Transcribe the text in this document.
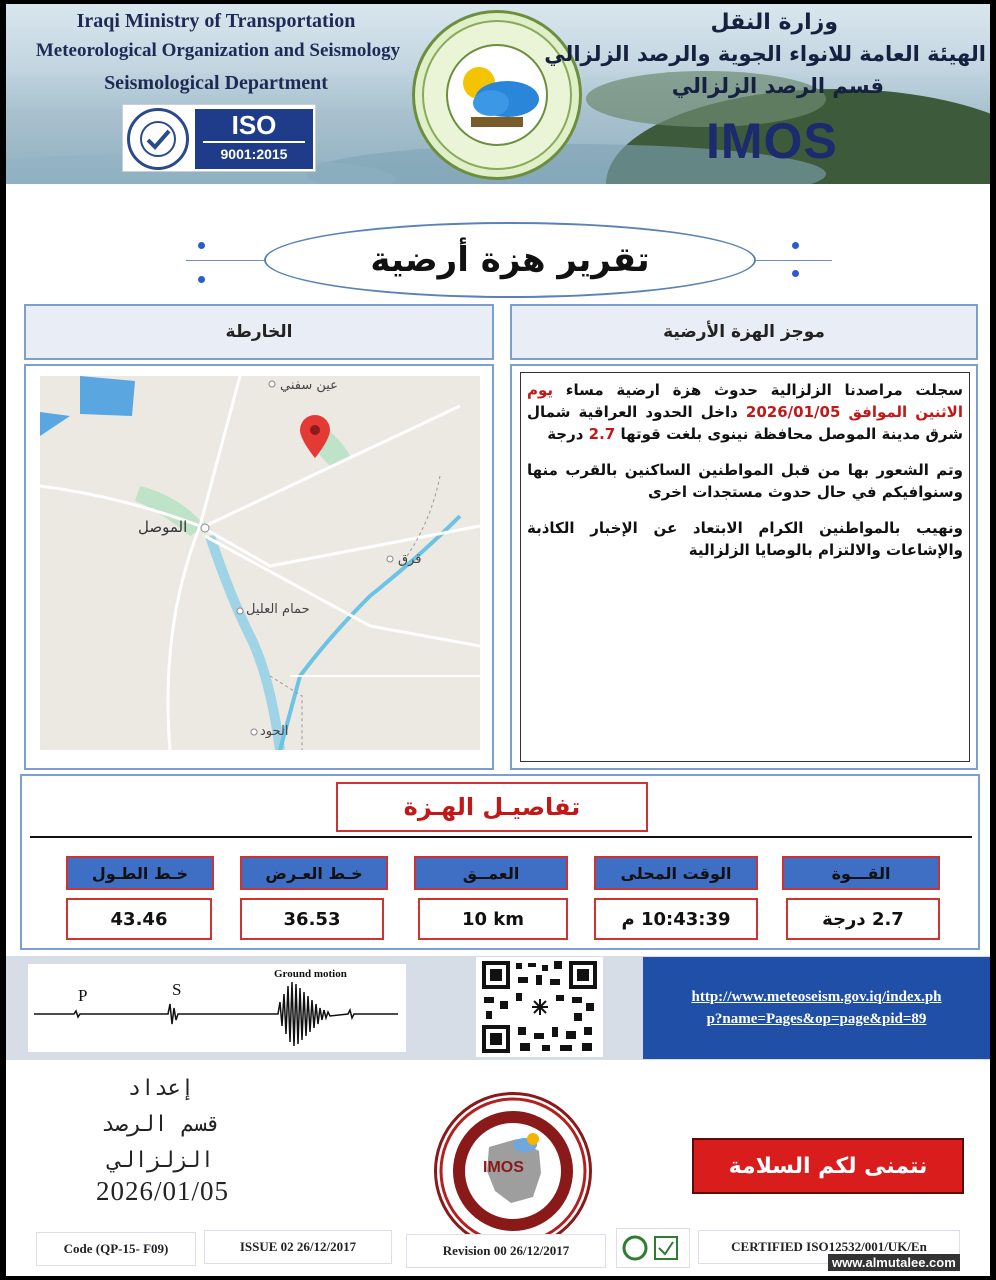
Iraqi Ministry of Transportation
Meteorological Organization and Seismology
Seismological Department
ISO
9001:2015
وزارة النقل
الهيئة العامة للانواء الجوية والرصد الزلزالي
قسم الرصد الزلزالي
IMOS
تقرير هزة أرضية
موجز الهزة الأرضية

سجلت مراصدنا الزلزالية حدوث هزة ارضية مساء يوم الاثنين الموافق 2026/01/05 داخل الحدود العراقية شمال شرق مدينة الموصل محافظة نينوى بلغت قوتها 2.7 درجة

وتم الشعور بها من قبل المواطنين الساكنين بالقرب منها وسنوافيكم في حال حدوث مستجدات اخرى

ونهيب بالمواطنين الكرام الابتعاد عن الإخبار الكاذبة والإشاعات والالتزام بالوصايا الزلزالية

الخارطة
عين سفني
الموصل
قرق
حمام العليل
الحود
تفاصيـل الهـزة
القـــوة
2.7 درجة
الوقت المحلى
10:43:39 م
العمــق
10 km
خـط العـرض
36.53
خـط الطـول
43.46
Ground motion
P	S	http://www.meteoseism.gov.iq/index.ph
p?name=Pages&op=page&pid=89
إعداد
قسم الرصد
الزلزالي
2026/01/05
IMOS	نتمنى لكم السلامة
Code (QP-15- F09)	ISSUE 02 26/12/2017	Revision 00 26/12/2017	CERTIFIED ISO12532/001/UK/En
www.almutalee.com
